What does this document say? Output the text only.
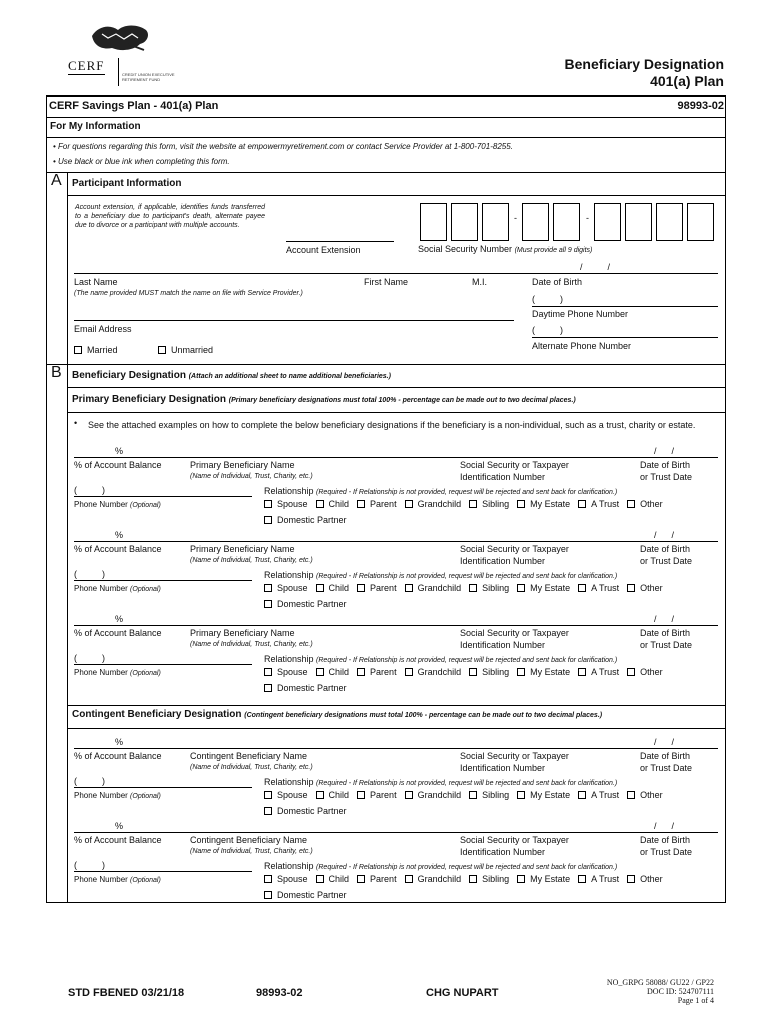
CERF
CREDIT UNION EXECUTIVE RETIREMENT FUND
Beneficiary Designation
401(a) Plan
CERF Savings Plan - 401(a) Plan	98993-02
For My Information
• For questions regarding this form, visit the website at empowermyretirement.com or contact Service Provider at 1-800-701-8255.
• Use black or blue ink when completing this form.
A Participant Information
Account extension, if applicable, identifies funds transferred to a beneficiary due to participant's death, alternate payee due to divorce or a participant with multiple accounts.
Account Extension
-	-
Social Security Number (Must provide all 9 digits)
/          /
Last Name	First Name	M.I.	Date of Birth
(The name provided MUST match the name on file with Service Provider.)
(          )
Daytime Phone Number
Email Address	(          )
Alternate Phone Number
Married	Unmarried
B Beneficiary Designation (Attach an additional sheet to name additional beneficiaries.)
Primary Beneficiary Designation (Primary beneficiary designations must total 100% - percentage can be made out to two decimal places.)
• See the attached examples on how to complete the below beneficiary designations if the beneficiary is a non-individual, such as a trust, charity or estate.
Contingent Beneficiary Designation (Contingent beneficiary designations must total 100% - percentage can be made out to two decimal places.)
%	/      /
% of Account Balance	Primary Beneficiary Name	Social Security or Taxpayer	Date of Birth
(Name of Individual, Trust, Charity, etc.)	Identification Number	or Trust Date
(          )	Relationship (Required - If Relationship is not provided, request will be rejected and sent back for clarification.)
Phone Number (Optional)	Spouse Child Parent Grandchild Sibling My Estate A Trust Other
Domestic Partner
%	/      /
% of Account Balance	Primary Beneficiary Name	Social Security or Taxpayer	Date of Birth
(Name of Individual, Trust, Charity, etc.)	Identification Number	or Trust Date
(          )	Relationship (Required - If Relationship is not provided, request will be rejected and sent back for clarification.)
Phone Number (Optional)	Spouse Child Parent Grandchild Sibling My Estate A Trust Other
Domestic Partner
%	/      /
% of Account Balance	Primary Beneficiary Name	Social Security or Taxpayer	Date of Birth
(Name of Individual, Trust, Charity, etc.)	Identification Number	or Trust Date
(          )	Relationship (Required - If Relationship is not provided, request will be rejected and sent back for clarification.)
Phone Number (Optional)	Spouse Child Parent Grandchild Sibling My Estate A Trust Other
Domestic Partner
%	/      /
% of Account Balance	Contingent Beneficiary Name	Social Security or Taxpayer	Date of Birth
(Name of Individual, Trust, Charity, etc.)	Identification Number	or Trust Date
(          )	Relationship (Required - If Relationship is not provided, request will be rejected and sent back for clarification.)
Phone Number (Optional)	Spouse Child Parent Grandchild Sibling My Estate A Trust Other
Domestic Partner
%	/      /
% of Account Balance	Contingent Beneficiary Name	Social Security or Taxpayer	Date of Birth
(Name of Individual, Trust, Charity, etc.)	Identification Number	or Trust Date
(          )	Relationship (Required - If Relationship is not provided, request will be rejected and sent back for clarification.)
Phone Number (Optional)	Spouse Child Parent Grandchild Sibling My Estate A Trust Other
Domestic Partner
STD FBENED 03/21/18	98993-02	CHG NUPART
NO_GRPG 58088/ GU22 / GP22
DOC ID: 524707111
Page 1 of 4
